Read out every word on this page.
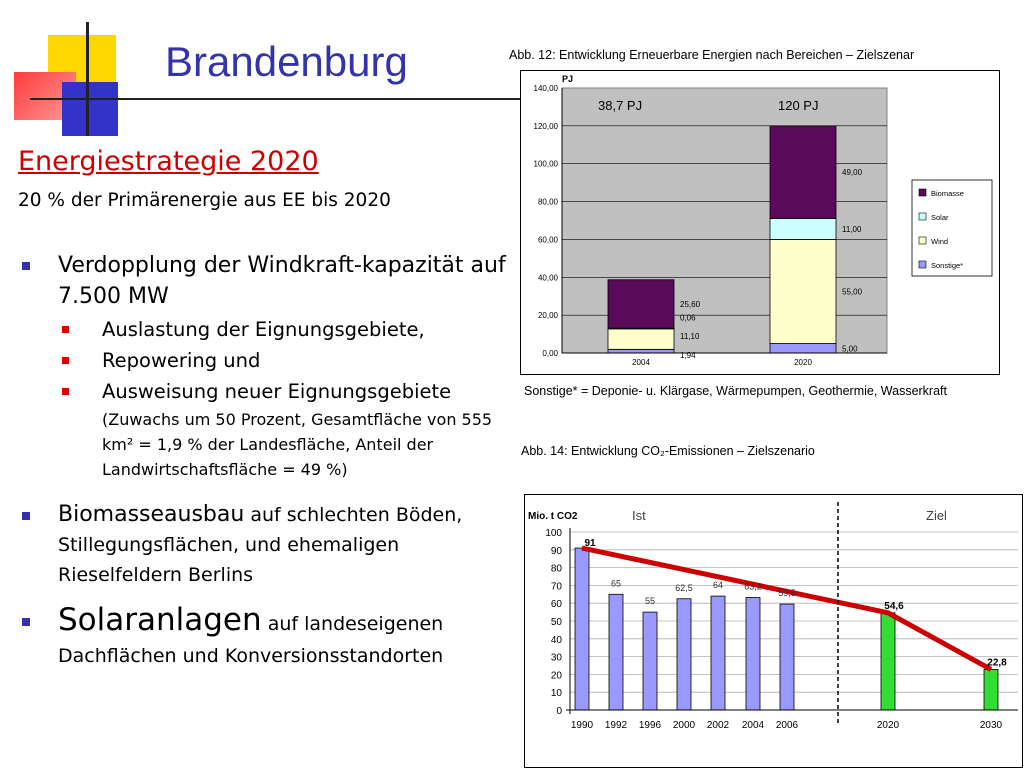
Brandenburg
Energiestrategie 2020
20 % der Primärenergie aus EE bis 2020
Verdopplung der Windkraft-kapazität auf 7.500 MW
Auslastung der Eignungsgebiete,
Repowering und
Ausweisung neuer Eignungsgebiete
(Zuwachs um 50 Prozent, Gesamtfläche von 555 km² = 1,9 % der Landesfläche, Anteil der Landwirtschaftsfläche = 49 %)
Biomasseausbau auf schlechten Böden, Stillegungsflächen, und ehemaligen Rieselfeldern Berlins
Solaranlagen auf landeseigenen Dachflächen und Konversionsstandorten
Abb. 12: Entwicklung Erneuerbare Energien nach Bereichen – Zielszenar
1,94
11,10
0,06
25,60
5,00
55,00
11,00
49,00
0,00
20,00
40,00
60,00
80,00
100,00
120,00
140,00
2004	2020
PJ
38,7 PJ	120 PJ
Biomasse
Solar
Wind
Sonstige*
Sonstige* = Deponie- u. Klärgase, Wärmepumpen, Geothermie, Wasserkraft
Abb. 14: Entwicklung CO₂-Emissionen – Zielszenario
91
65
55
62,5 64 63,2
59,5
54,6
22,8
0
10
20
30
40
50
60
70
80
90
100
1990 1992 1996 2000 2002 2004 2006	2020	2030
Mio. t CO2	Ist	Ziel
